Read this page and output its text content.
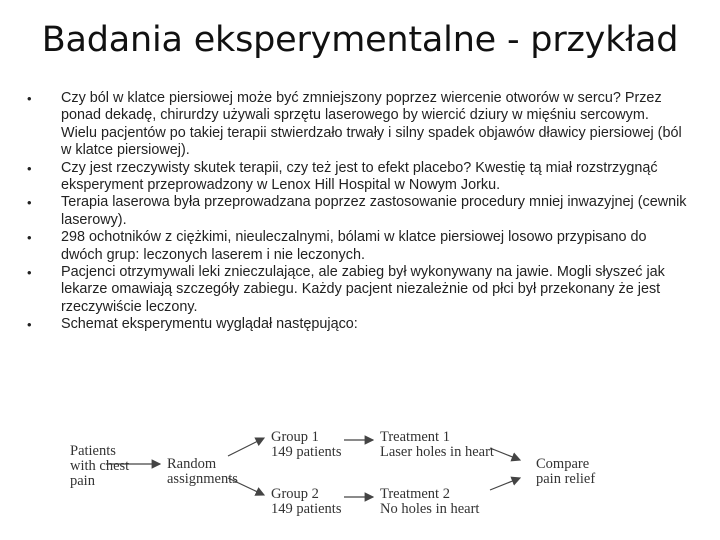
Badania eksperymentalne - przykład
• Czy ból w klatce piersiowej może być zmniejszony poprzez wiercenie otworów w sercu? Przez ponad dekadę, chirurdzy używali sprzętu laserowego by wiercić dziury w mięśniu sercowym. Wielu pacjentów po takiej terapii stwierdzało trwały i silny spadek objawów dławicy piersiowej (ból w klatce piersiowej).
• Czy jest rzeczywisty skutek terapii, czy też jest to efekt placebo? Kwestię tą miał rozstrzygnąć eksperyment przeprowadzony w Lenox Hill Hospital w Nowym Jorku.
• Terapia laserowa była przeprowadzana poprzez zastosowanie procedury mniej inwazyjnej (cewnik laserowy).
• 298 ochotników z ciężkimi, nieuleczalnymi, bólami w klatce piersiowej losowo przypisano do dwóch grup: leczonych laserem i nie leczonych.
• Pacjenci otrzymywali leki znieczulające, ale zabieg był wykonywany na jawie. Mogli słyszeć jak lekarze omawiają szczegóły zabiegu. Każdy pacjent niezależnie od płci był przekonany że jest rzeczywiście leczony.
• Schemat eksperymentu wyglądał następująco:
Patients
with chest
pain
Random
assignments
Group 1
149 patients
Group 2
149 patients
Treatment 1
Laser holes in heart
Treatment 2
No holes in heart
Compare
pain relief
